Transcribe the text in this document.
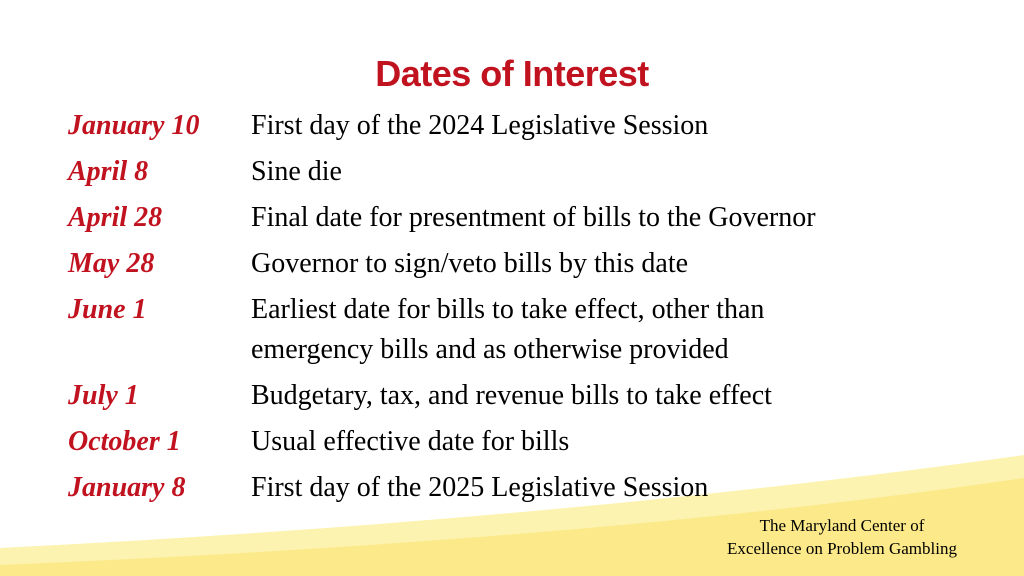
Dates of Interest
January 10	First day of the 2024 Legislative Session
April 8	Sine die
April 28	Final date for presentment of bills to the Governor
May 28	Governor to sign/veto bills by this date
June 1	Earliest date for bills to take effect, other than
emergency bills and as otherwise provided
July 1	Budgetary, tax, and revenue bills to take effect
October 1	Usual effective date for bills
January 8	First day of the 2025 Legislative Session
The Maryland Center of
Excellence on Problem Gambling
